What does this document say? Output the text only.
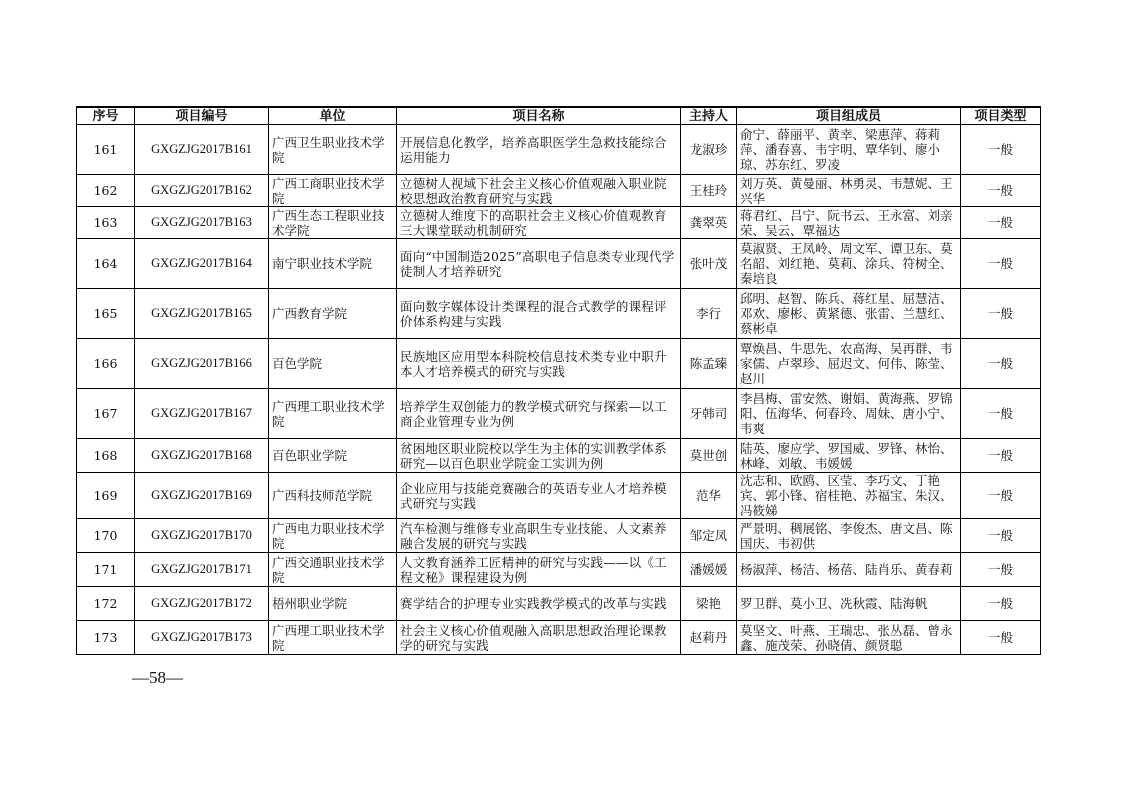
序号	项目编号	单位	项目名称	主持人	项目组成员	项目类型
161	GXGZJG2017B161	广西卫生职业技术学院	开展信息化教学，培养高职医学生急救技能综合运用能力	龙淑珍	俞宁、薛丽平、黄幸、梁惠萍、蒋莉萍、潘春喜、韦宇明、覃华钊、廖小琼、苏东红、罗凌	一般
162	GXGZJG2017B162	广西工商职业技术学院	立德树人视域下社会主义核心价值观融入职业院校思想政治教育研究与实践	王桂玲	刘万英、黄曼丽、林勇灵、韦慧妮、王兴华	一般
163	GXGZJG2017B163	广西生态工程职业技术学院	立德树人维度下的高职社会主义核心价值观教育三大课堂联动机制研究	龚翠英	蒋君红、吕宁、阮书云、王永富、刘亲荣、吴云、覃福达	一般
164	GXGZJG2017B164	南宁职业技术学院	面向“中国制造2025”高职电子信息类专业现代学徒制人才培养研究	张叶茂	莫淑贤、王凤岭、周文军、谭卫东、莫名韶、刘红艳、莫莉、涂兵、符树全、秦培良	一般
165	GXGZJG2017B165	广西教育学院	面向数字媒体设计类课程的混合式教学的课程评价体系构建与实践	李行	邱明、赵智、陈兵、蒋红星、屈慧洁、邓欢、廖彬、黄紧德、张雷、兰慧红、蔡彬卓	一般
166	GXGZJG2017B166	百色学院	民族地区应用型本科院校信息技术类专业中职升本人才培养模式的研究与实践	陈孟臻	覃焕昌、牛思先、农高海、吴再群、韦家儒、卢翠珍、屈迟文、何伟、陈莹、赵川	一般
167	GXGZJG2017B167	广西理工职业技术学院	培养学生双创能力的教学模式研究与探索—以工商企业管理专业为例	牙韩司	李昌梅、雷安然、谢娟、黄海燕、罗锦阳、伍海华、何春玲、周妹、唐小宁、韦爽	一般
168	GXGZJG2017B168	百色职业学院	贫困地区职业院校以学生为主体的实训教学体系研究—以百色职业学院金工实训为例	莫世创	陆英、廖应学、罗国威、罗锋、林怡、林峰、刘敏、韦媛媛	一般
169	GXGZJG2017B169	广西科技师范学院	企业应用与技能竞赛融合的英语专业人才培养模式研究与实践	范华	沈志和、欧鸥、区莹、李巧文、丁艳宾、郭小锋、宿桂艳、苏福宝、朱汉、冯筱娣	一般
170	GXGZJG2017B170	广西电力职业技术学院	汽车检测与维修专业高职生专业技能、人文素养融合发展的研究与实践	邹定凤	严景明、稠展铭、李俊杰、唐文昌、陈国庆、韦初供	一般
171	GXGZJG2017B171	广西交通职业技术学院	人文教育涵养工匠精神的研究与实践——以《工程文秘》课程建设为例	潘媛媛	杨淑萍、杨洁、杨蓓、陆肖乐、黄春莉	一般
172	GXGZJG2017B172	梧州职业学院	赛学结合的护理专业实践教学模式的改革与实践	梁艳	罗卫群、莫小卫、冼秋霞、陆海帆	一般
173	GXGZJG2017B173	广西理工职业技术学院	社会主义核心价值观融入高职思想政治理论课教学的研究与实践	赵莉丹	莫坚文、叶燕、王瑞忠、张丛磊、曾永鑫、施茂荣、孙晓倩、颜贤聪	一般
—58—
